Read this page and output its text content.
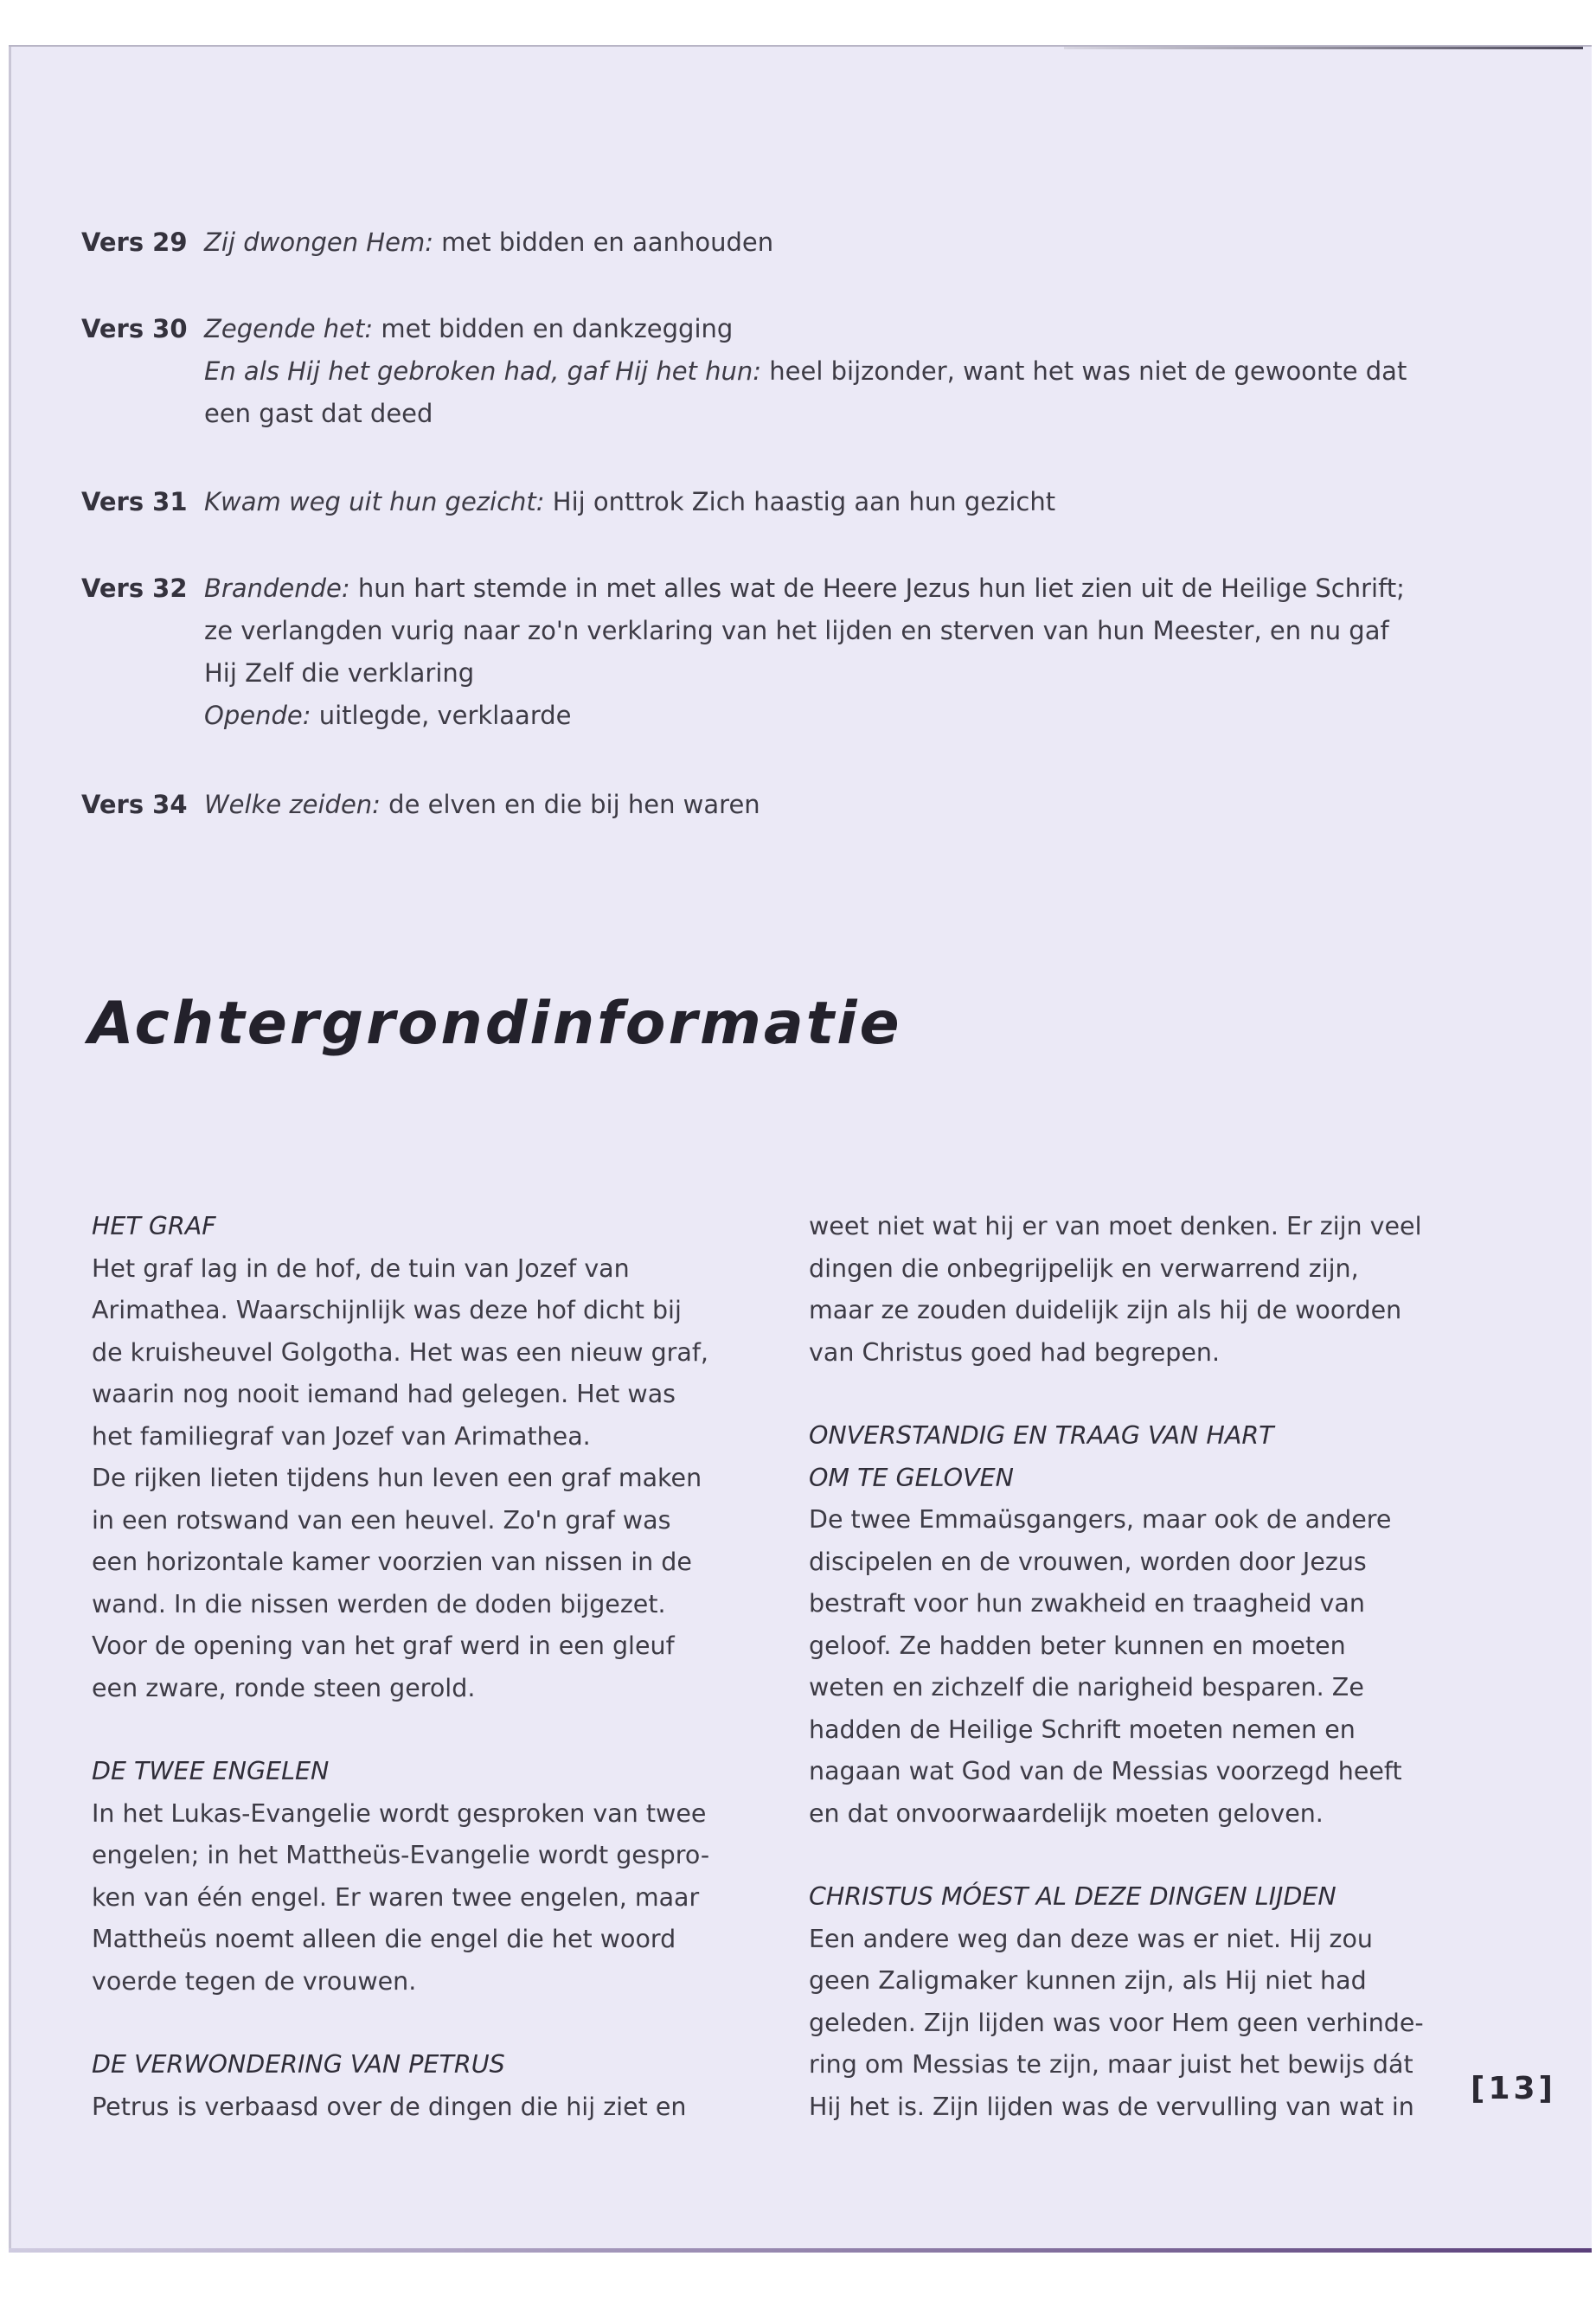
Vers 29 Zij dwongen Hem: met bidden en aanhouden
Vers 30 Zegende het: met bidden en dankzegging
En als Hij het gebroken had, gaf Hij het hun: heel bijzonder, want het was niet de gewoonte dat
een gast dat deed
Vers 31 Kwam weg uit hun gezicht: Hij onttrok Zich haastig aan hun gezicht
Vers 32 Brandende: hun hart stemde in met alles wat de Heere Jezus hun liet zien uit de Heilige Schrift;
ze verlangden vurig naar zo'n verklaring van het lijden en sterven van hun Meester, en nu gaf
Hij Zelf die verklaring
Opende: uitlegde, verklaarde
Vers 34 Welke zeiden: de elven en die bij hen waren
Achtergrondinformatie
HET GRAF
Het graf lag in de hof, de tuin van Jozef van
Arimathea. Waarschijnlijk was deze hof dicht bij
de kruisheuvel Golgotha. Het was een nieuw graf,
waarin nog nooit iemand had gelegen. Het was
het familiegraf van Jozef van Arimathea.
De rijken lieten tijdens hun leven een graf maken
in een rotswand van een heuvel. Zo'n graf was
een horizontale kamer voorzien van nissen in de
wand. In die nissen werden de doden bijgezet.
Voor de opening van het graf werd in een gleuf
een zware, ronde steen gerold.
DE TWEE ENGELEN
In het Lukas-Evangelie wordt gesproken van twee
engelen; in het Mattheüs-Evangelie wordt gespro-
ken van één engel. Er waren twee engelen, maar
Mattheüs noemt alleen die engel die het woord
voerde tegen de vrouwen.
DE VERWONDERING VAN PETRUS
Petrus is verbaasd over de dingen die hij ziet en
weet niet wat hij er van moet denken. Er zijn veel
dingen die onbegrijpelijk en verwarrend zijn,
maar ze zouden duidelijk zijn als hij de woorden
van Christus goed had begrepen.
ONVERSTANDIG EN TRAAG VAN HART
OM TE GELOVEN
De twee Emmaüsgangers, maar ook de andere
discipelen en de vrouwen, worden door Jezus
bestraft voor hun zwakheid en traagheid van
geloof. Ze hadden beter kunnen en moeten
weten en zichzelf die narigheid besparen. Ze
hadden de Heilige Schrift moeten nemen en
nagaan wat God van de Messias voorzegd heeft
en dat onvoorwaardelijk moeten geloven.
CHRISTUS MÓEST AL DEZE DINGEN LIJDEN
Een andere weg dan deze was er niet. Hij zou
geen Zaligmaker kunnen zijn, als Hij niet had
geleden. Zijn lijden was voor Hem geen verhinde-
ring om Messias te zijn, maar juist het bewijs dát
Hij het is. Zijn lijden was de vervulling van wat in	[13]
